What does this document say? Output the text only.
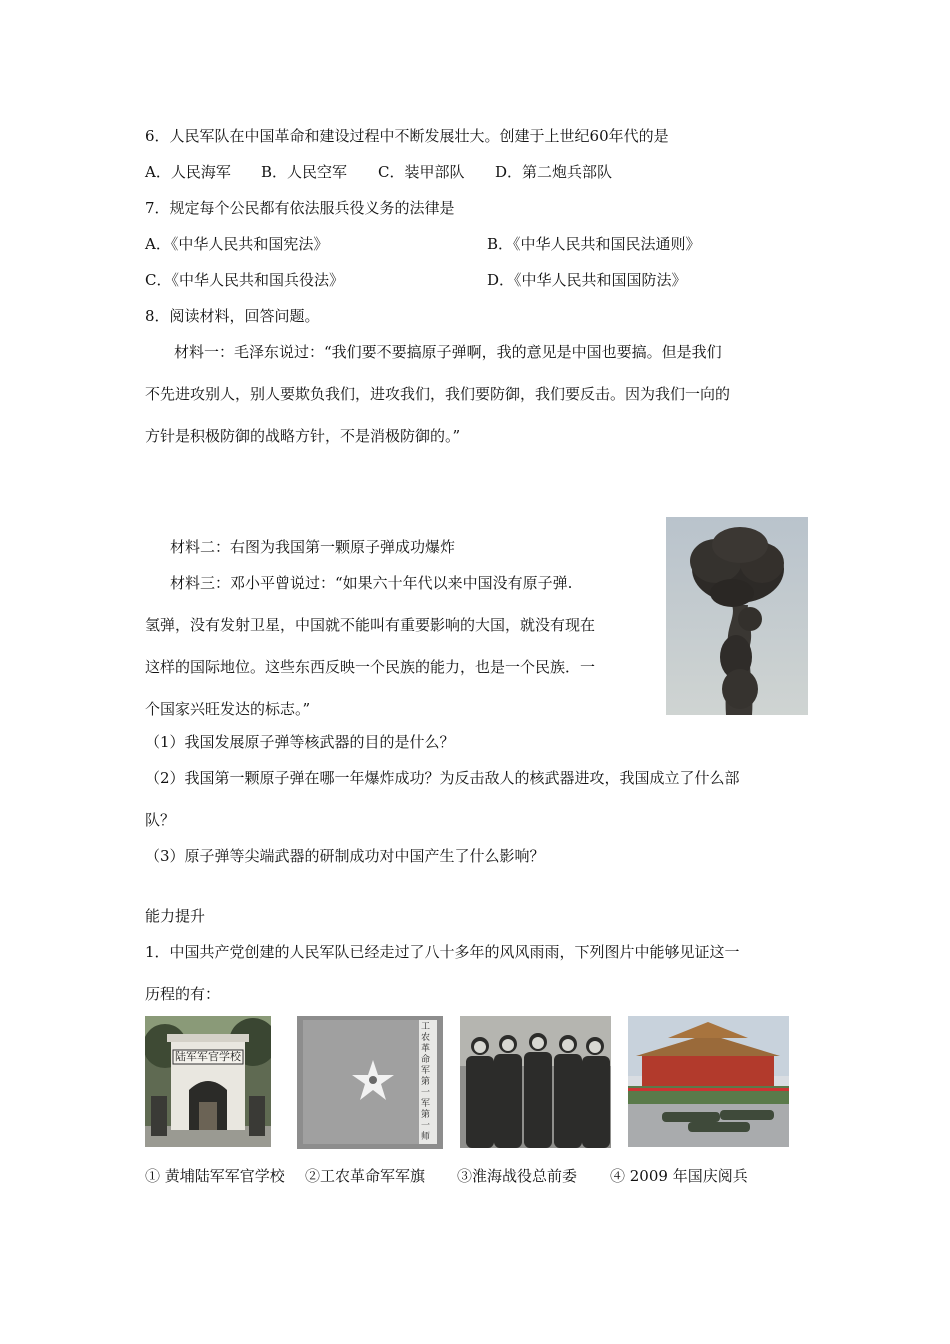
6．人民军队在中国革命和建设过程中不断发展壮大。创建于上世纪60年代的是
A．人民海军 B．人民空军 C．装甲部队 D．第二炮兵部队
7．规定每个公民都有依法服兵役义务的法律是
A．《中华人民共和国宪法》	B．《中华人民共和国民法通则》
C．《中华人民共和国兵役法》	D．《中华人民共和国国防法》
8．阅读材料，回答问题。
材料一：毛泽东说过：“我们要不要搞原子弹啊，我的意见是中国也要搞。但是我们
不先进攻别人，别人要欺负我们，进攻我们，我们要防御，我们要反击。因为我们一向的
方针是积极防御的战略方针，不是消极防御的。”
材料二：右图为我国第一颗原子弹成功爆炸
材料三：邓小平曾说过：“如果六十年代以来中国没有原子弹.
氢弹，没有发射卫星，中国就不能叫有重要影响的大国，就没有现在
这样的国际地位。这些东西反映一个民族的能力，也是一个民族．一
个国家兴旺发达的标志。”
（1）我国发展原子弹等核武器的目的是什么？
（2）我国第一颗原子弹在哪一年爆炸成功？为反击敌人的核武器进攻，我国成立了什么部
队？
（3）原子弹等尖端武器的研制成功对中国产生了什么影响？
能力提升
1．中国共产党创建的人民军队已经走过了八十多年的风风雨雨，下列图片中能够见证这一
历程的有：
陆军军官学校
工农革命军第一军第一师
① 黄埔陆军军官学校 ②工农革命军军旗 ③淮海战役总前委 ④ 2009 年国庆阅兵
